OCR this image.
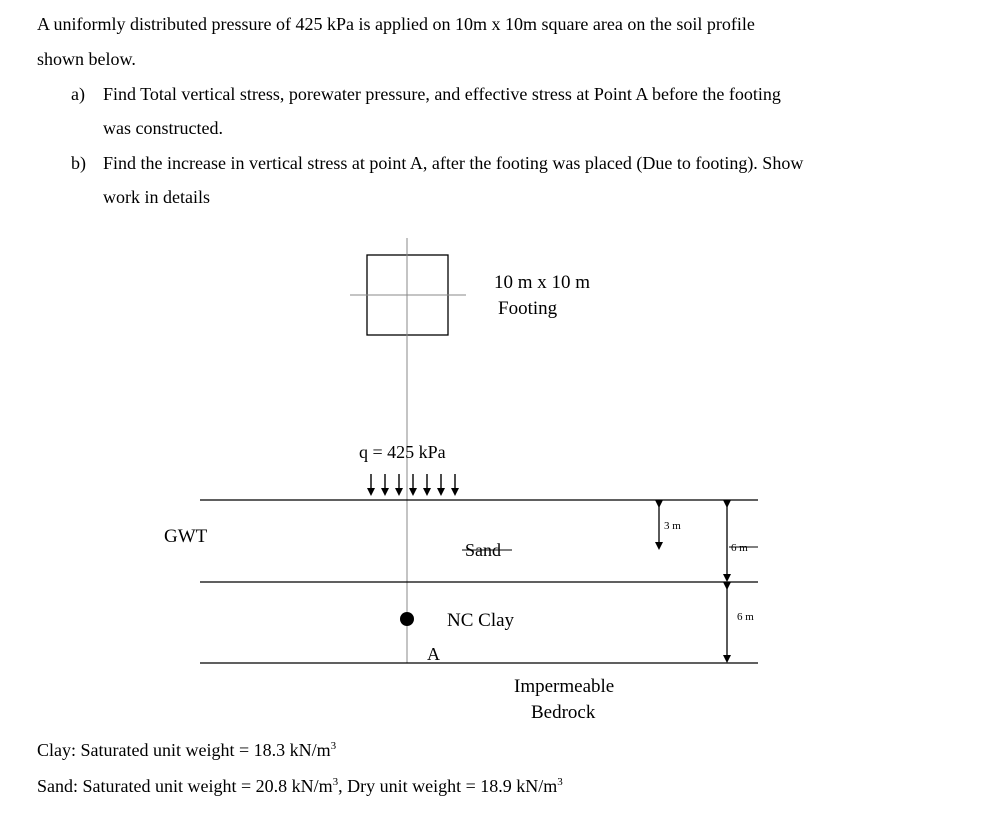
A uniformly distributed pressure of 425 kPa is applied on 10m x 10m square area on the soil profile
shown below.
a) Find Total vertical stress, porewater pressure, and effective stress at Point A before the footing
was constructed.
b) Find the increase in vertical stress at point A, after the footing was placed (Due to footing). Show
work in details
10 m x 10 m
Footing
q = 425 kPa
GWT
Sand
NC Clay
A
Impermeable
Bedrock
3 m
6 m
6 m
Clay: Saturated unit weight = 18.3 $kN/m^3$
Sand: Saturated unit weight = 20.8 $kN/m^3$, Dry unit weight = 18.9 $kN/m^3$
